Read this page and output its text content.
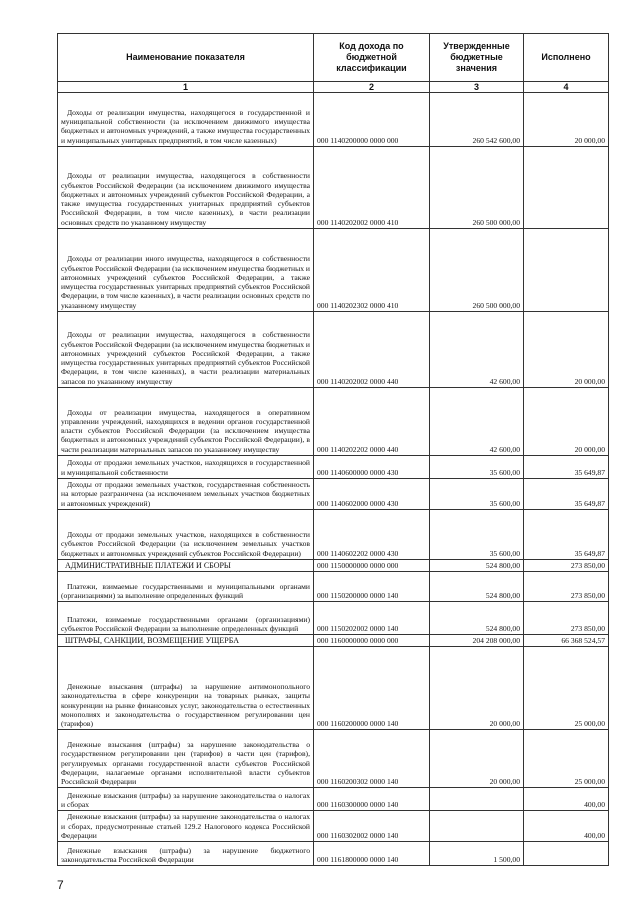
Наименование показателя	Код дохода по бюджетной классификации	Утвержденные бюджетные значения	Исполнено
1	2	3	4
Доходы от реализации имущества, находящегося в государственной и муниципальной собственности (за исключением движимого имущества бюджетных и автономных учреждений, а также имущества государственных и муниципальных унитарных предприятий, в том числе казенных)	000 1140200000 0000 000	260 542 600,00	20 000,00
Доходы от реализации имущества, находящегося в собственности субъектов Российской Федерации (за исключением движимого имущества бюджетных и автономных учреждений субъектов Российской Федерации, а также имущества государственных унитарных предприятий субъектов Российской Федерации, в том числе казенных), в части реализации основных средств по указанному имуществу	000 1140202002 0000 410	260 500 000,00	
Доходы от реализации иного имущества, находящегося в собственности субъектов Российской Федерации (за исключением имущества бюджетных и автономных учреждений субъектов Российской Федерации, а также имущества государственных унитарных предприятий субъектов Российской Федерации, в том числе казенных), в части реализации основных средств по указанному имуществу	000 1140202302 0000 410	260 500 000,00	
Доходы от реализации имущества, находящегося в собственности субъектов Российской Федерации (за исключением имущества бюджетных и автономных учреждений субъектов Российской Федерации, а также имущества государственных унитарных предприятий субъектов Российской Федерации, в том числе казенных), в части реализации материальных запасов по указанному имуществу	000 1140202002 0000 440	42 600,00	20 000,00
Доходы от реализации имущества, находящегося в оперативном управлении учреждений, находящихся в ведении органов государственной власти субъектов Российской Федерации (за исключением имущества бюджетных и автономных учреждений субъектов Российской Федерации), в части реализации материальных запасов по указанному имуществу	000 1140202202 0000 440	42 600,00	20 000,00
Доходы от продажи земельных участков, находящихся в государственной и муниципальной собственности	000 1140600000 0000 430	35 600,00	35 649,87
Доходы от продажи земельных участков, государственная собственность на которые разграничена (за исключением земельных участков бюджетных и автономных учреждений)	000 1140602000 0000 430	35 600,00	35 649,87
Доходы от продажи земельных участков, находящихся в собственности субъектов Российской Федерации (за исключением земельных участков бюджетных и автономных учреждений субъектов Российской Федерации)	000 1140602202 0000 430	35 600,00	35 649,87
АДМИНИСТРАТИВНЫЕ ПЛАТЕЖИ И СБОРЫ	000 1150000000 0000 000	524 800,00	273 850,00
Платежи, взимаемые государственными и муниципальными органами (организациями) за выполнение определенных функций	000 1150200000 0000 140	524 800,00	273 850,00
Платежи, взимаемые государственными органами (организациями) субъектов Российской Федерации за выполнение определенных функций	000 1150202002 0000 140	524 800,00	273 850,00
ШТРАФЫ, САНКЦИИ, ВОЗМЕЩЕНИЕ УЩЕРБА	000 1160000000 0000 000	204 208 000,00	66 368 524,57
Денежные взыскания (штрафы) за нарушение антимонопольного законодательства в сфере конкуренции на товарных рынках, защиты конкуренции на рынке финансовых услуг, законодательства о естественных монополиях и законодательства о государственном регулировании цен (тарифов)	000 1160200000 0000 140	20 000,00	25 000,00
Денежные взыскания (штрафы) за нарушение законодательства о государственном регулировании цен (тарифов) в части цен (тарифов), регулируемых органами государственной власти субъектов Российской Федерации, налагаемые органами исполнительной власти субъектов Российской Федерации	000 1160200302 0000 140	20 000,00	25 000,00
Денежные взыскания (штрафы) за нарушение законодательства о налогах и сборах	000 1160300000 0000 140		400,00
Денежные взыскания (штрафы) за нарушение законодательства о налогах и сборах, предусмотренные статьей 129.2 Налогового кодекса Российской Федерации	000 1160302002 0000 140		400,00
Денежные взыскания (штрафы) за нарушение бюджетного законодательства Российской Федерации	000 1161800000 0000 140	1 500,00	
7
